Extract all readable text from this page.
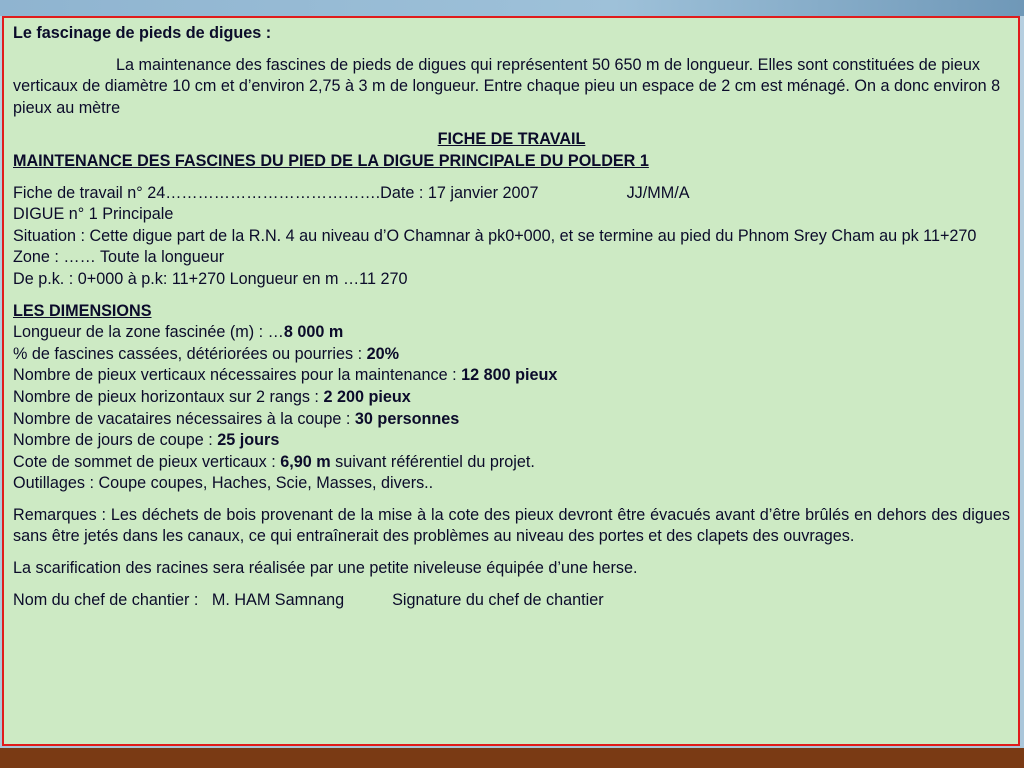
Le fascinage de pieds de digues :

La maintenance des fascines de pieds de digues qui représentent 50 650 m de longueur. Elles sont constituées de pieux verticaux de diamètre 10 cm et d’environ 2,75 à 3 m de longueur. Entre chaque pieu un espace de 2 cm est ménagé. On a donc environ 8 pieux au mètre

FICHE DE TRAVAIL

MAINTENANCE DES FASCINES DU PIED DE LA DIGUE PRINCIPALE DU POLDER 1

Fiche de travail n° 24………………………………….Date : 17 janvier 2007	JJ/MM/A

DIGUE n° 1 Principale

Situation : Cette digue part de la R.N. 4 au niveau d’O Chamnar à pk0+000, et se termine au pied du Phnom Srey Cham au pk 11+270

Zone : …… Toute la longueur

De p.k. : 0+000 à p.k: 11+270 Longueur en m …11 270

LES DIMENSIONS

Longueur de la zone fascinée (m) : …8 000 m

% de fascines cassées, détériorées ou pourries : 20%

Nombre de pieux verticaux nécessaires pour la maintenance : 12 800 pieux

Nombre de pieux horizontaux sur 2 rangs : 2 200 pieux

Nombre de vacataires nécessaires à la coupe : 30 personnes

Nombre de jours de coupe : 25 jours

Cote de sommet de pieux verticaux : 6,90 m suivant référentiel du projet.

Outillages : Coupe coupes, Haches, Scie, Masses, divers..

Remarques : Les déchets de bois provenant de la mise à la cote des pieux devront être évacués avant d’être brûlés en dehors des digues sans être jetés dans les canaux, ce qui entraînerait des problèmes au niveau des portes et des clapets des ouvrages.

La scarification des racines sera réalisée par une petite niveleuse équipée d’une herse.

Nom du chef de chantier : M. HAM Samnang	Signature du chef de chantier
